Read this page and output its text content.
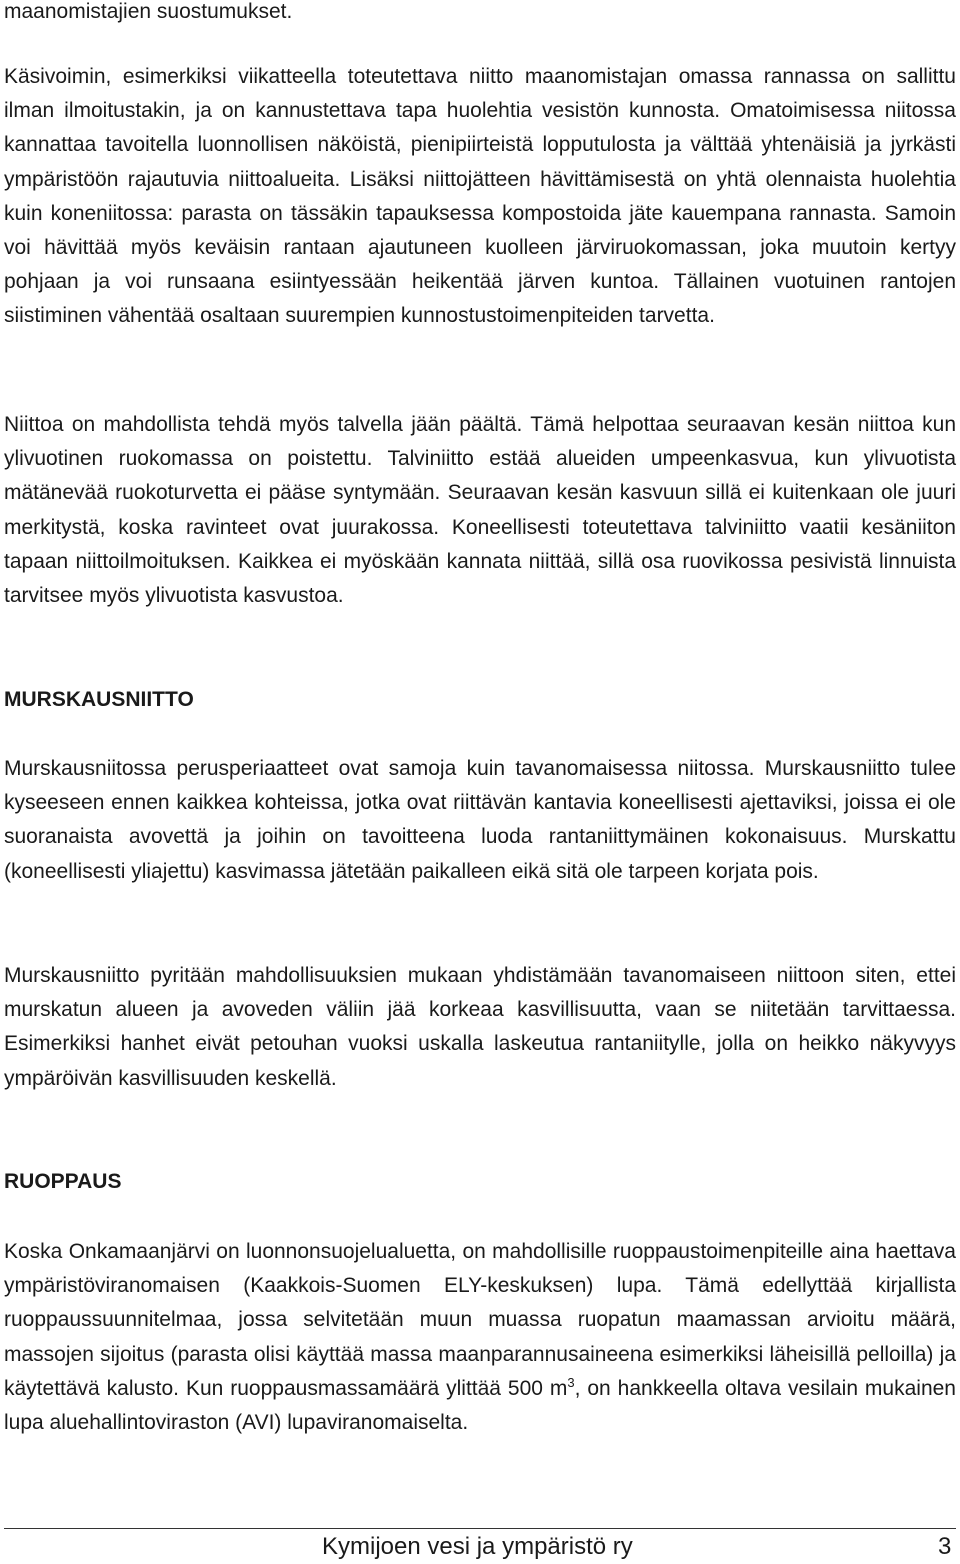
maanomistajien suostumukset.

Käsivoimin, esimerkiksi viikatteella toteutettava niitto maanomistajan omassa rannassa on sallittu ilman ilmoitustakin, ja on kannustettava tapa huolehtia vesistön kunnosta. Omatoimisessa niitossa kannattaa tavoitella luonnollisen näköistä, pienipiirteistä lopputulosta ja välttää yhtenäisiä ja jyrkästi ympäristöön rajautuvia niittoalueita. Lisäksi niittojätteen hävittämisestä on yhtä olennaista huolehtia kuin koneniitossa: parasta on tässäkin tapauksessa kompostoida jäte kauempana rannasta. Samoin voi hävittää myös keväisin rantaan ajautuneen kuolleen järviruokomassan, joka muutoin kertyy pohjaan ja voi runsaana esiintyessään heikentää järven kuntoa. Tällainen vuotuinen rantojen siistiminen vähentää osaltaan suurempien kunnostustoimenpiteiden tarvetta.

Niittoa on mahdollista tehdä myös talvella jään päältä. Tämä helpottaa seuraavan kesän niittoa kun ylivuotinen ruokomassa on poistettu. Talviniitto estää alueiden umpeenkasvua, kun ylivuotista mätänevää ruokoturvetta ei pääse syntymään. Seuraavan kesän kasvuun sillä ei kuitenkaan ole juuri merkitystä, koska ravinteet ovat juurakossa. Koneellisesti toteutettava talviniitto vaatii kesäniiton tapaan niittoilmoituksen. Kaikkea ei myöskään kannata niittää, sillä osa ruovikossa pesivistä linnuista tarvitsee myös ylivuotista kasvustoa.

MURSKAUSNIITTO

Murskausniitossa perusperiaatteet ovat samoja kuin tavanomaisessa niitossa. Murskausniitto tulee kyseeseen ennen kaikkea kohteissa, jotka ovat riittävän kantavia koneellisesti ajettaviksi, joissa ei ole suoranaista avovettä ja joihin on tavoitteena luoda rantaniittymäinen kokonaisuus. Murskattu (koneellisesti yliajettu) kasvimassa jätetään paikalleen eikä sitä ole tarpeen korjata pois.

Murskausniitto pyritään mahdollisuuksien mukaan yhdistämään tavanomaiseen niittoon siten, ettei murskatun alueen ja avoveden väliin jää korkeaa kasvillisuutta, vaan se niitetään tarvittaessa. Esimerkiksi hanhet eivät petouhan vuoksi uskalla laskeutua rantaniitylle, jolla on heikko näkyvyys ympäröivän kasvillisuuden keskellä.

RUOPPAUS

Koska Onkamaanjärvi on luonnonsuojelualuetta, on mahdollisille ruoppaustoimenpiteille aina haettava ympäristöviranomaisen (Kaakkois-Suomen ELY-keskuksen) lupa. Tämä edellyttää kirjallista ruoppaussuunnitelmaa, jossa selvitetään muun muassa ruopatun maamassan arvioitu määrä, massojen sijoitus (parasta olisi käyttää massa maanparannusaineena esimerkiksi läheisillä pelloilla) ja käytettävä kalusto. Kun ruoppausmassamäärä ylittää 500 $m^3$, on hankkeella oltava vesilain mukainen lupa aluehallintoviraston (AVI) lupaviranomaiselta.

Kymijoen vesi ja ympäristö ry	3
